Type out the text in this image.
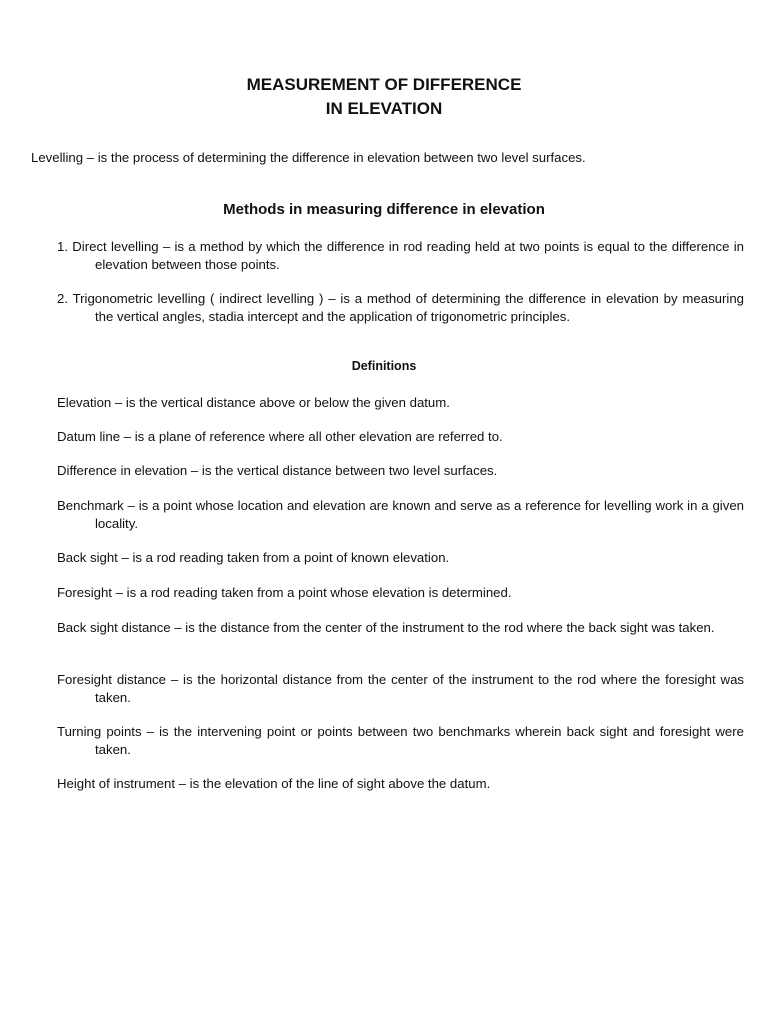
MEASUREMENT OF DIFFERENCE
IN ELEVATION
Levelling – is the process of determining the difference in elevation between two level surfaces.
Methods in measuring difference in elevation
1. Direct levelling – is a method by which the difference in rod reading held at two points is equal to the difference in elevation between those points.
2. Trigonometric levelling ( indirect levelling ) – is a method of determining the difference in elevation by measuring the vertical angles, stadia intercept and the application of trigonometric principles.
Definitions
Elevation – is the vertical distance above or below the given datum.
Datum line – is a plane of reference where all other elevation are referred to.
Difference in elevation – is the vertical distance between two level surfaces.
Benchmark – is a point whose location and elevation are known and serve as a reference for levelling work in a given locality.
Back sight – is a rod reading taken from a point of known elevation.
Foresight – is a rod reading taken from a point whose elevation is determined.
Back sight distance – is the distance from the center of the instrument to the rod where the back sight was taken.
Foresight distance – is the horizontal distance from the center of the instrument to the rod where the foresight was taken.
Turning points – is the intervening point or points between two benchmarks wherein back sight and foresight were taken.
Height of instrument – is the elevation of the line of sight above the datum.
